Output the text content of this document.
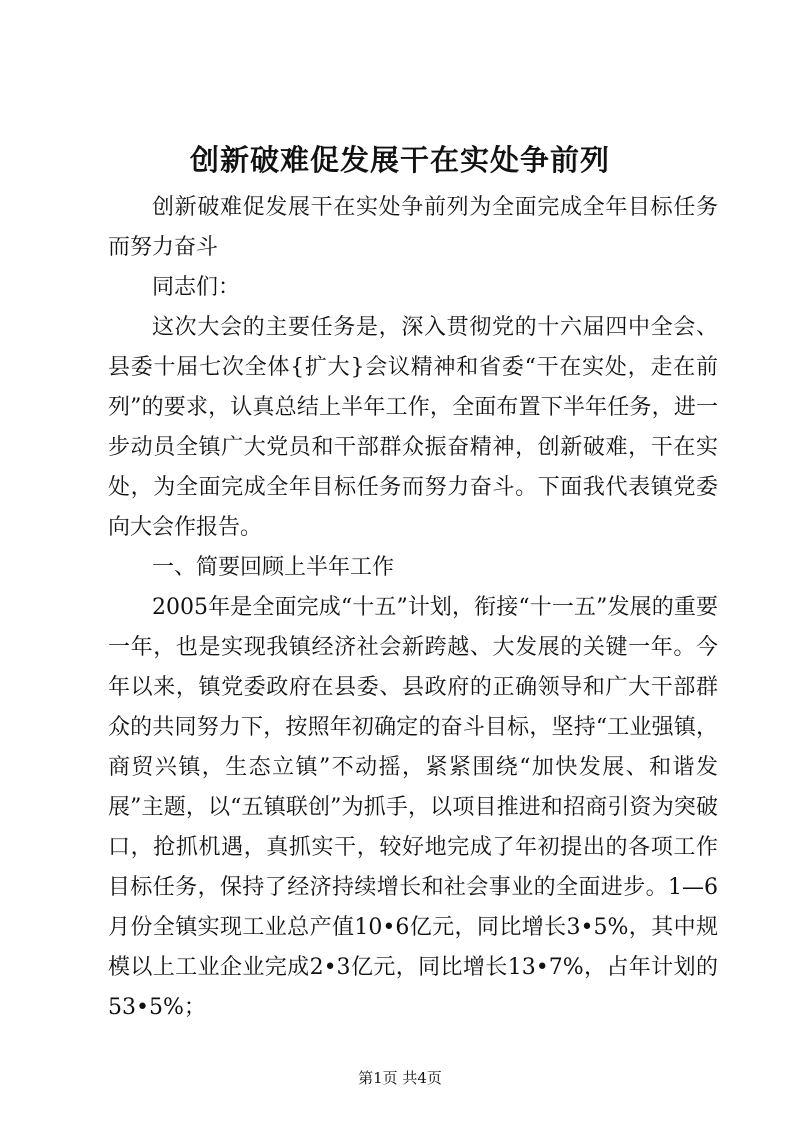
创新破难促发展干在实处争前列

创新破难促发展干在实处争前列为全面完成全年目标任务而努力奋斗

同志们：

这次大会的主要任务是，深入贯彻党的十六届四中全会、县委十届七次全体{扩大}会议精神和省委“干在实处，走在前列”的要求，认真总结上半年工作，全面布置下半年任务，进一步动员全镇广大党员和干部群众振奋精神，创新破难，干在实处，为全面完成全年目标任务而努力奋斗。下面我代表镇党委向大会作报告。

一、简要回顾上半年工作

2005年是全面完成“十五”计划，衔接“十一五”发展的重要一年，也是实现我镇经济社会新跨越、大发展的关键一年。今年以来，镇党委政府在县委、县政府的正确领导和广大干部群众的共同努力下，按照年初确定的奋斗目标，坚持“工业强镇，商贸兴镇，生态立镇”不动摇，紧紧围绕“加快发展、和谐发展”主题，以“五镇联创”为抓手，以项目推进和招商引资为突破口，抢抓机遇，真抓实干，较好地完成了年初提出的各项工作目标任务，保持了经济持续增长和社会事业的全面进步。1—6月份全镇实现工业总产值10•6亿元，同比增长3•5%，其中规模以上工业企业完成2•3亿元，同比增长13•7%，占年计划的53•5%；

第1页 共4页
